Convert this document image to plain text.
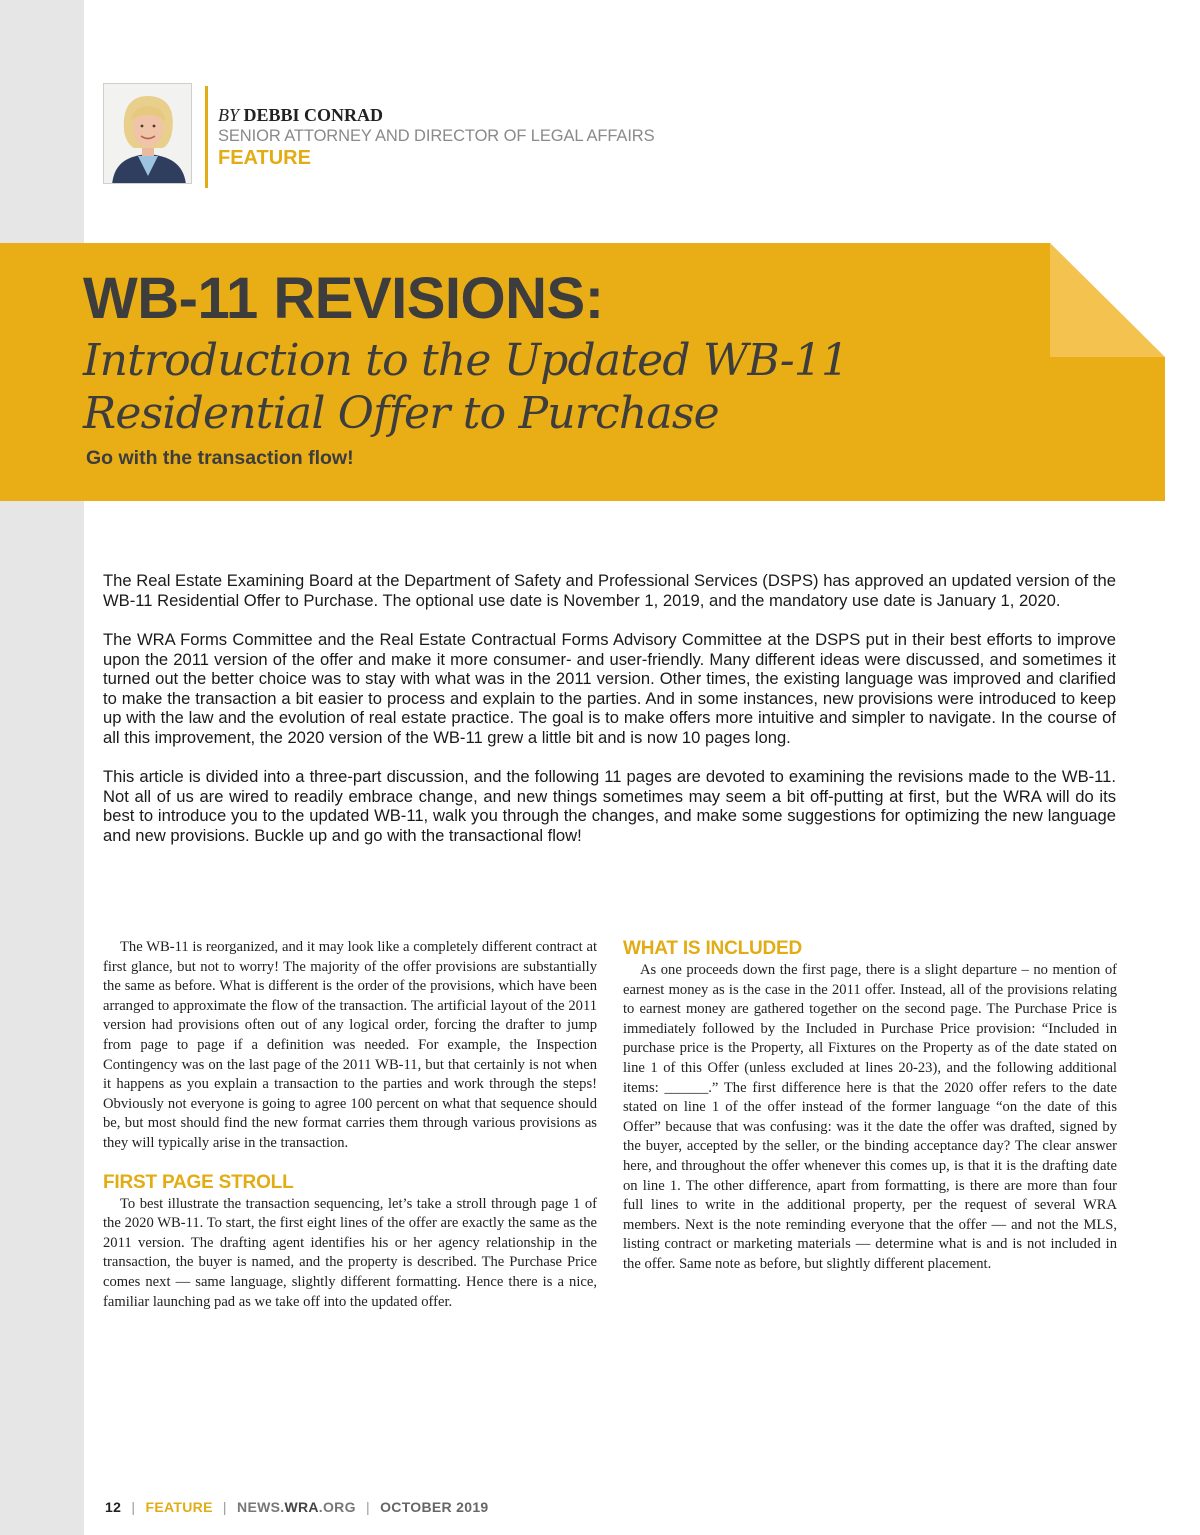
BY DEBBI CONRAD
SENIOR ATTORNEY AND DIRECTOR OF LEGAL AFFAIRS
FEATURE
WB-11 REVISIONS:
Introduction to the Updated WB-11 Residential Offer to Purchase
Go with the transaction flow!

The Real Estate Examining Board at the Department of Safety and Professional Services (DSPS) has approved an updated version of the WB-11 Residential Offer to Purchase. The optional use date is November 1, 2019, and the mandatory use date is January 1, 2020.

The WRA Forms Committee and the Real Estate Contractual Forms Advisory Committee at the DSPS put in their best efforts to improve upon the 2011 version of the offer and make it more consumer- and user-friendly. Many different ideas were discussed, and sometimes it turned out the better choice was to stay with what was in the 2011 version. Other times, the existing language was improved and clarified to make the transaction a bit easier to process and explain to the parties. And in some instances, new provisions were introduced to keep up with the law and the evolution of real estate practice. The goal is to make offers more intuitive and simpler to navigate. In the course of all this improvement, the 2020 version of the WB-11 grew a little bit and is now 10 pages long.

This article is divided into a three-part discussion, and the following 11 pages are devoted to examining the revisions made to the WB-11. Not all of us are wired to readily embrace change, and new things sometimes may seem a bit off-putting at first, but the WRA will do its best to introduce you to the updated WB-11, walk you through the changes, and make some suggestions for optimizing the new language and new provisions. Buckle up and go with the transactional flow!

The WB-11 is reorganized, and it may look like a completely different contract at first glance, but not to worry! The majority of the offer provisions are substantially the same as before. What is different is the order of the provisions, which have been arranged to approximate the flow of the transaction. The artificial layout of the 2011 version had provisions often out of any logical order, forcing the drafter to jump from page to page if a definition was needed. For example, the Inspection Contingency was on the last page of the 2011 WB-11, but that certainly is not when it happens as you explain a transaction to the parties and work through the steps! Obviously not everyone is going to agree 100 percent on what that sequence should be, but most should find the new format carries them through various provisions as they will typically arise in the transaction.

FIRST PAGE STROLL

To best illustrate the transaction sequencing, let’s take a stroll through page 1 of the 2020 WB-11. To start, the first eight lines of the offer are exactly the same as the 2011 version. The drafting agent identifies his or her agency relationship in the transaction, the buyer is named, and the property is described. The Purchase Price comes next — same language, slightly different formatting. Hence there is a nice, familiar launching pad as we take off into the updated offer.

WHAT IS INCLUDED

As one proceeds down the first page, there is a slight departure – no mention of earnest money as is the case in the 2011 offer. Instead, all of the provisions relating to earnest money are gathered together on the second page. The Purchase Price is immediately followed by the Included in Purchase Price provision: “Included in purchase price is the Property, all Fixtures on the Property as of the date stated on line 1 of this Offer (unless excluded at lines 20-23), and the following additional items: ______.” The first difference here is that the 2020 offer refers to the date stated on line 1 of the offer instead of the former language “on the date of this Offer” because that was confusing: was it the date the offer was drafted, signed by the buyer, accepted by the seller, or the binding acceptance day? The clear answer here, and throughout the offer whenever this comes up, is that it is the drafting date on line 1. The other difference, apart from formatting, is there are more than four full lines to write in the additional property, per the request of several WRA members. Next is the note reminding everyone that the offer — and not the MLS, listing contract or marketing materials — determine what is and is not included in the offer. Same note as before, but slightly different placement.

12 | FEATURE | NEWS.WRA.ORG | OCTOBER 2019
